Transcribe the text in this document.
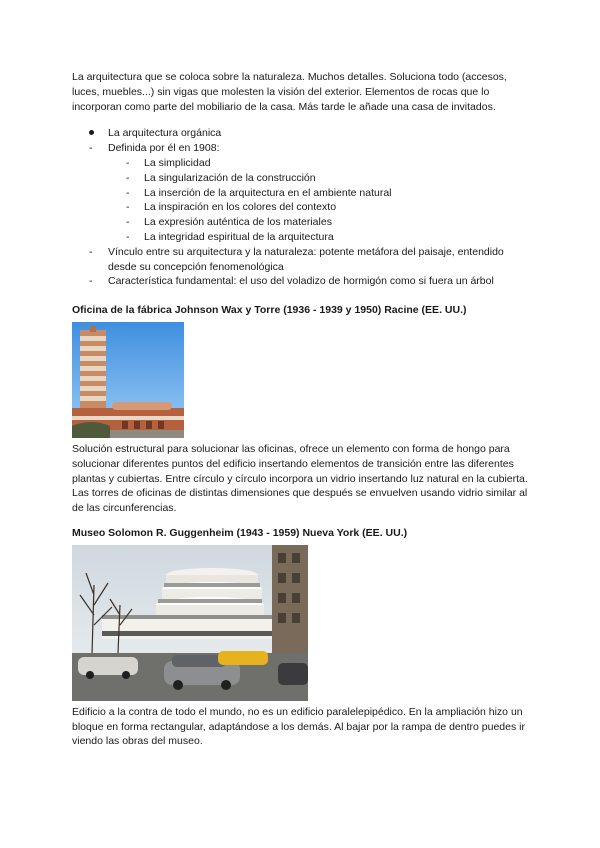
La arquitectura que se coloca sobre la naturaleza. Muchos detalles. Soluciona todo (accesos, luces, muebles...) sin vigas que molesten la visión del exterior. Elementos de rocas que lo incorporan como parte del mobiliario de la casa. Más tarde le añade una casa de invitados.

La arquitectura orgánica
-	Definida por él en 1908:
-	La simplicidad
-	La singularización de la construcción
-	La inserción de la arquitectura en el ambiente natural
-	La inspiración en los colores del contexto
-	La expresión auténtica de los materiales
-	La integridad espiritual de la arquitectura
-	Vínculo entre su arquitectura y la naturaleza: potente metáfora del paisaje, entendido desde su concepción fenomenológica
-	Característica fundamental: el uso del voladizo de hormigón como si fuera un árbol
Oficina de la fábrica Johnson Wax y Torre (1936 - 1939 y 1950) Racine (EE. UU.)

Solución estructural para solucionar las oficinas, ofrece un elemento con forma de hongo para solucionar diferentes puntos del edificio insertando elementos de transición entre las diferentes plantas y cubiertas. Entre círculo y círculo incorpora un vidrio insertando luz natural en la cubierta.

Las torres de oficinas de distintas dimensiones que después se envuelven usando vidrio similar al de las circunferencias.

Museo Solomon R. Guggenheim (1943 - 1959) Nueva York (EE. UU.)

Edificio a la contra de todo el mundo, no es un edificio paralelepipédico. En la ampliación hizo un bloque en forma rectangular, adaptándose a los demás. Al bajar por la rampa de dentro puedes ir viendo las obras del museo.
